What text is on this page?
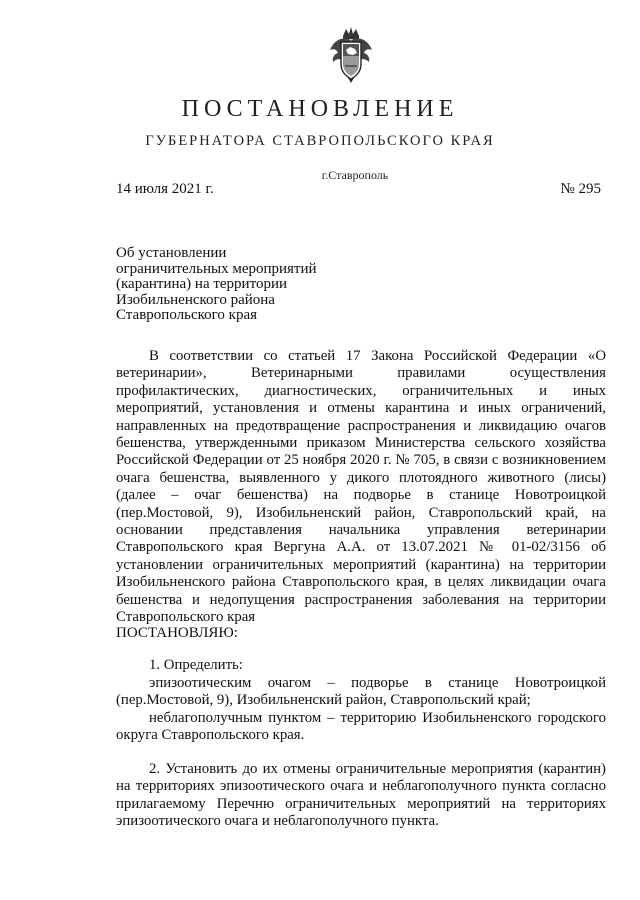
ПОСТАНОВЛЕНИЕ
ГУБЕРНАТОРА СТАВРОПОЛЬСКОГО КРАЯ
г.Ставрополь
14 июля 2021 г.	№ 295
Об установлении
ограничительных мероприятий
(карантина) на территории
Изобильненского района
Ставропольского края

В соответствии со статьей 17 Закона Российской Федерации «О ветеринарии», Ветеринарными правилами осуществления профилактических, диагностических, ограничительных и иных мероприятий, установления и отмены карантина и иных ограничений, направленных на предотвращение распространения и ликвидацию очагов бешенства, утвержденными приказом Министерства сельского хозяйства Российской Федерации от 25 ноября 2020 г. № 705, в связи с возникновением очага бешенства, выявленного у дикого плотоядного животного (лисы) (далее – очаг бешенства) на подворье в станице Новотроицкой (пер.Мостовой, 9), Изобильненский район, Ставропольский край, на основании представления начальника управления ветеринарии Ставропольского края Вергуна А.А. от 13.07.2021 № 01-02/3156 об установлении ограничительных мероприятий (карантина) на территории Изобильненского района Ставропольского края, в целях ликвидации очага бешенства и недопущения распространения заболевания на территории Ставропольского края

ПОСТАНОВЛЯЮ:

1. Определить:

эпизоотическим очагом – подворье в станице Новотроицкой (пер.Мостовой, 9), Изобильненский район, Ставропольский край;

неблагополучным пунктом – территорию Изобильненского городского округа Ставропольского края.

2. Установить до их отмены ограничительные мероприятия (карантин) на территориях эпизоотического очага и неблагополучного пункта согласно прилагаемому Перечню ограничительных мероприятий на территориях эпизоотического очага и неблагополучного пункта.
